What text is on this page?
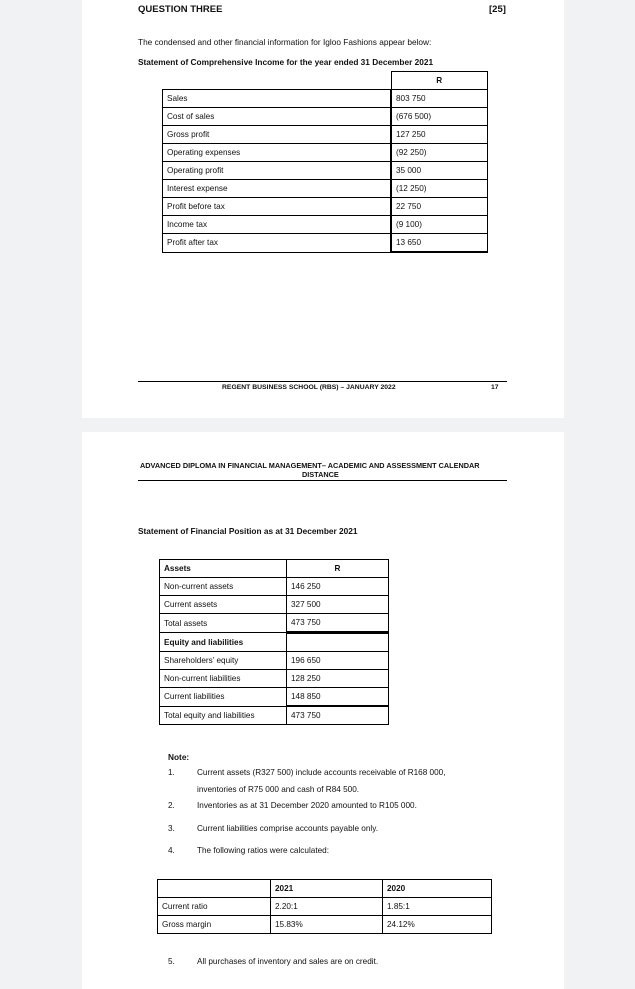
QUESTION THREE	[25]
The condensed and other financial information for Igloo Fashions appear below:
Statement of Comprehensive Income for the year ended 31 December 2021
	R
Sales	803 750
Cost of sales	(676 500)
Gross profit	127 250
Operating expenses	(92 250)
Operating profit	35 000
Interest expense	(12 250)
Profit before tax	22 750
Income tax	(9 100)
Profit after tax	13 650
REGENT BUSINESS SCHOOL (RBS) – JANUARY 2022	17
ADVANCED DIPLOMA IN FINANCIAL MANAGEMENT– ACADEMIC AND ASSESSMENT CALENDAR
DISTANCE
Statement of Financial Position as at 31 December 2021
Assets	R
Non-current assets	146 250
Current assets	327 500
Total assets	473 750
Equity and liabilities	
Shareholders’ equity	196 650
Non-current liabilities	128 250
Current liabilities	148 850
Total equity and liabilities	473 750
Note:
1.	Current assets (R327 500) include accounts receivable of R168 000,
inventories of R75 000 and cash of R84 500.
2.	Inventories as at 31 December 2020 amounted to R105 000.
3.	Current liabilities comprise accounts payable only.
4.	The following ratios were calculated:
	2021	2020
Current ratio	2.20:1	1.85:1
Gross margin	15.83%	24.12%
5.	All purchases of inventory and sales are on credit.
